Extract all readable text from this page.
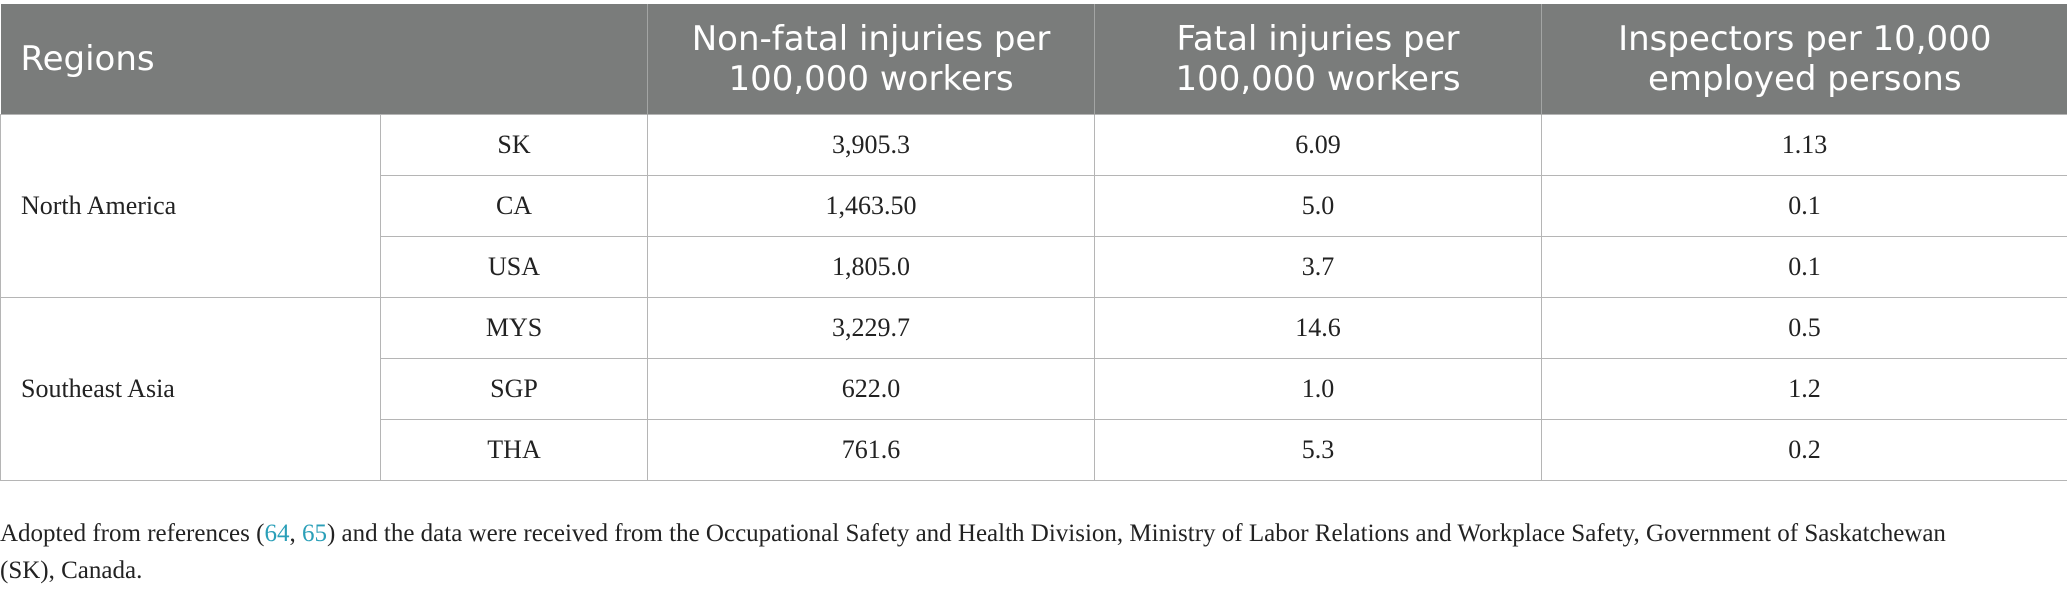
Regions		Non-fatal injuries per 100,000 workers	Fatal injuries per 100,000 workers	Inspectors per 10,000 employed persons
North America	SK	3,905.3	6.09	1.13
	CA	1,463.50	5.0	0.1
	USA	1,805.0	3.7	0.1
Southeast Asia	MYS	3,229.7	14.6	0.5
	SGP	622.0	1.0	1.2
	THA	761.6	5.3	0.2

Adopted from references (64, 65) and the data were received from the Occupational Safety and Health Division, Ministry of Labor Relations and Workplace Safety, Government of Saskatchewan (SK), Canada.
